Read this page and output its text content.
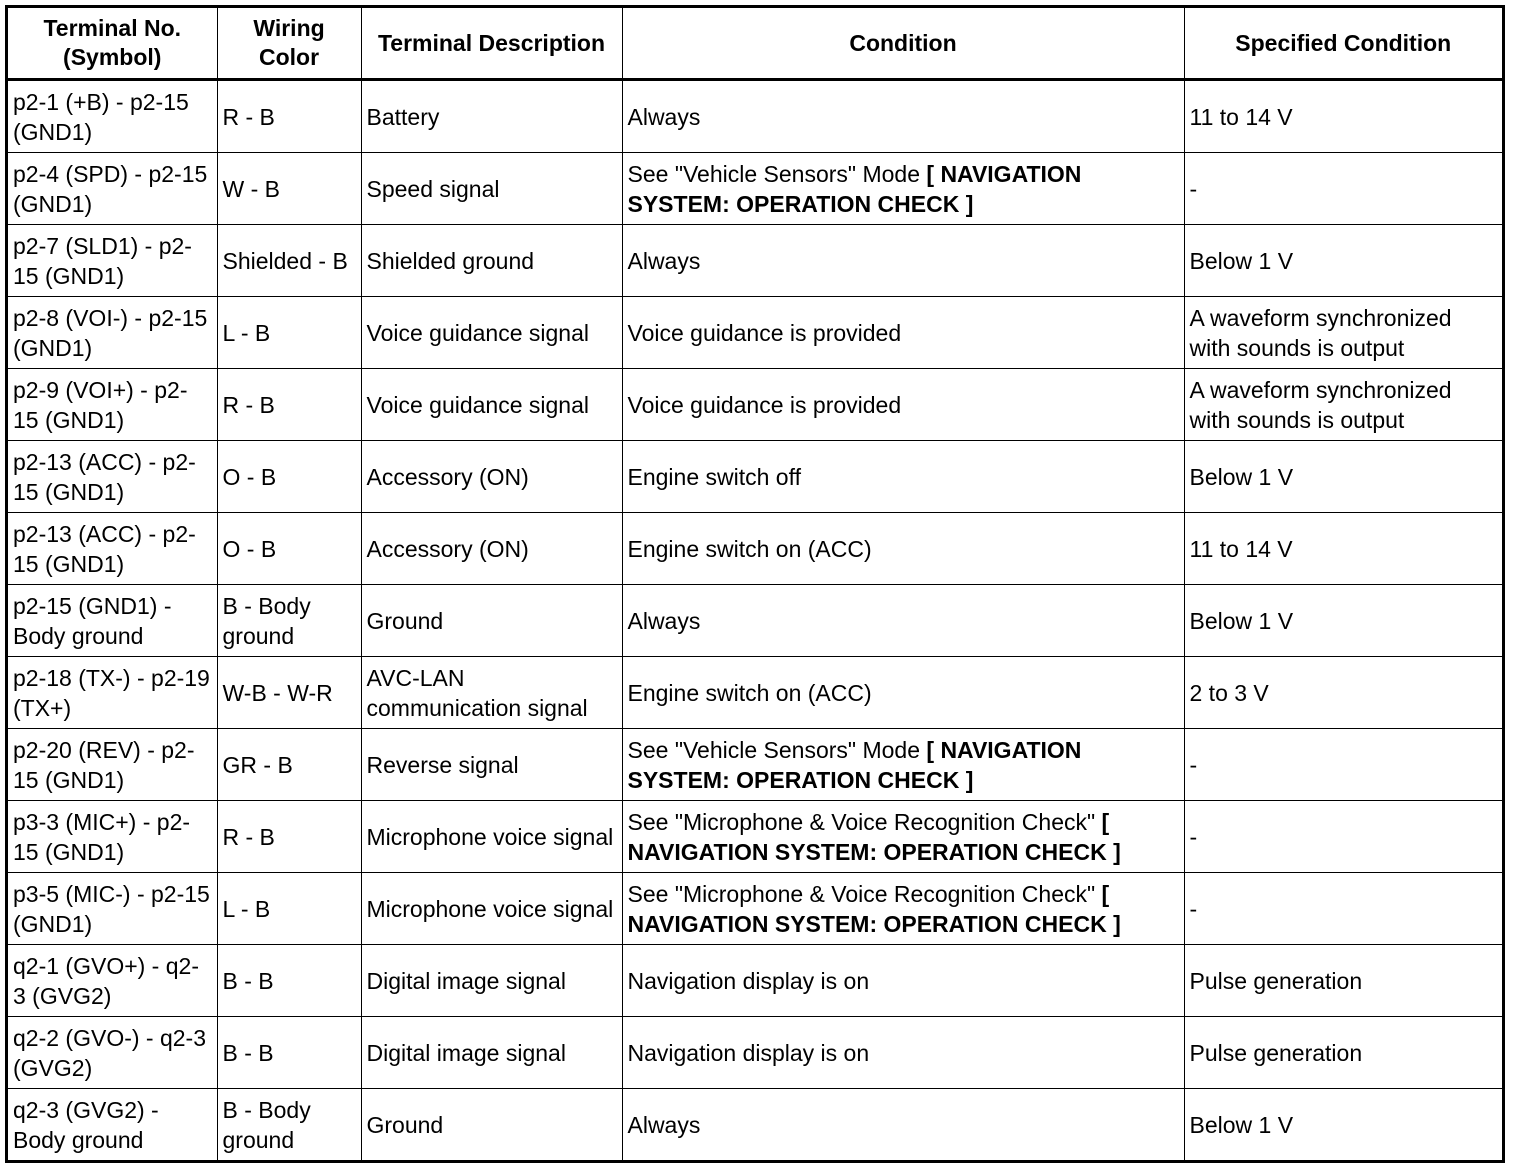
Terminal No. (Symbol)	Wiring Color	Terminal Description	Condition	Specified Condition
p2-1 (+B) - p2-15 (GND1)	R - B	Battery	Always	11 to 14 V
p2-4 (SPD) - p2-15 (GND1)	W - B	Speed signal	See "Vehicle Sensors" Mode [ NAVIGATION SYSTEM: OPERATION CHECK ]	-
p2-7 (SLD1) - p2-15 (GND1)	Shielded - B	Shielded ground	Always	Below 1 V
p2-8 (VOI-) - p2-15 (GND1)	L - B	Voice guidance signal	Voice guidance is provided	A waveform synchronized with sounds is output
p2-9 (VOI+) - p2-15 (GND1)	R - B	Voice guidance signal	Voice guidance is provided	A waveform synchronized with sounds is output
p2-13 (ACC) - p2-15 (GND1)	O - B	Accessory (ON)	Engine switch off	Below 1 V
p2-13 (ACC) - p2-15 (GND1)	O - B	Accessory (ON)	Engine switch on (ACC)	11 to 14 V
p2-15 (GND1) - Body ground	B - Body ground	Ground	Always	Below 1 V
p2-18 (TX-) - p2-19 (TX+)	W-B - W-R	AVC-LAN communication signal	Engine switch on (ACC)	2 to 3 V
p2-20 (REV) - p2-15 (GND1)	GR - B	Reverse signal	See "Vehicle Sensors" Mode [ NAVIGATION SYSTEM: OPERATION CHECK ]	-
p3-3 (MIC+) - p2-15 (GND1)	R - B	Microphone voice signal	See "Microphone & Voice Recognition Check" [ NAVIGATION SYSTEM: OPERATION CHECK ]	-
p3-5 (MIC-) - p2-15 (GND1)	L - B	Microphone voice signal	See "Microphone & Voice Recognition Check" [ NAVIGATION SYSTEM: OPERATION CHECK ]	-
q2-1 (GVO+) - q2-3 (GVG2)	B - B	Digital image signal	Navigation display is on	Pulse generation
q2-2 (GVO-) - q2-3 (GVG2)	B - B	Digital image signal	Navigation display is on	Pulse generation
q2-3 (GVG2) - Body ground	B - Body ground	Ground	Always	Below 1 V
